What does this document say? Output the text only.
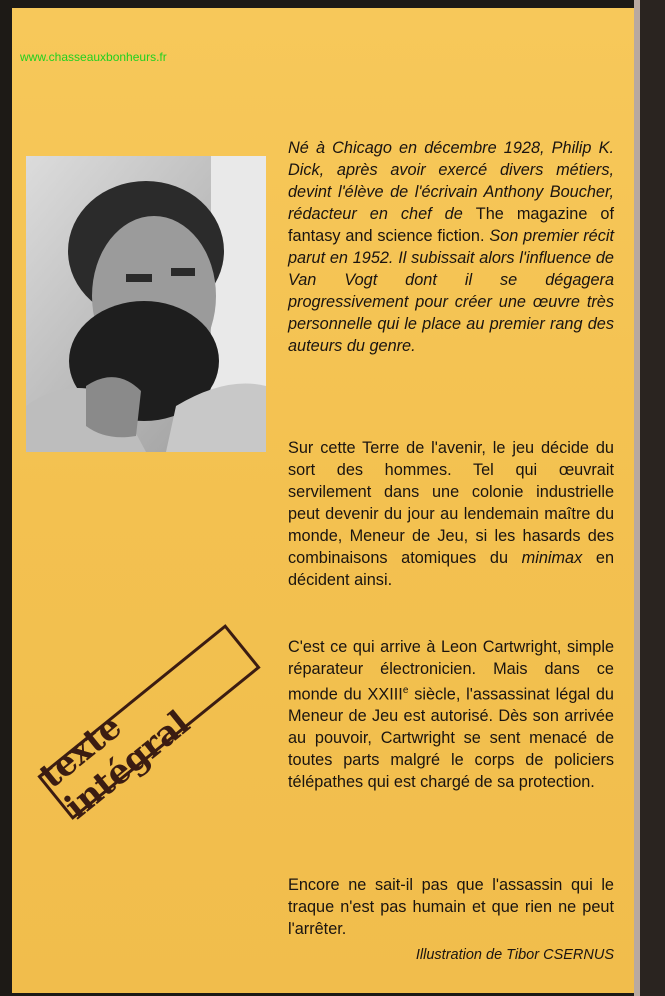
www.chasseauxbonheurs.fr
Né à Chicago en décembre 1928, Philip K. Dick, après avoir exercé divers métiers, devint l'élève de l'écrivain Anthony Boucher, rédacteur en chef de The magazine of fantasy and science fiction. Son premier récit parut en 1952. Il subissait alors l'influence de Van Vogt dont il se dégagera progressivement pour créer une œuvre très personnelle qui le place au premier rang des auteurs du genre.
Sur cette Terre de l'avenir, le jeu décide du sort des hommes. Tel qui œuvrait servilement dans une colonie industrielle peut devenir du jour au lendemain maître du monde, Meneur de Jeu, si les hasards des combinaisons atomiques du minimax en décident ainsi.
C'est ce qui arrive à Leon Cartwright, simple réparateur électronicien. Mais dans ce monde du XXIIIe siècle, l'assassinat légal du Meneur de Jeu est autorisé. Dès son arrivée au pouvoir, Cartwright se sent menacé de toutes parts malgré le corps de policiers télépathes qui est chargé de sa protection.
Encore ne sait-il pas que l'assassin qui le traque n'est pas humain et que rien ne peut l'arrêter.
Illustration de Tibor CSERNUS
texte intégral
